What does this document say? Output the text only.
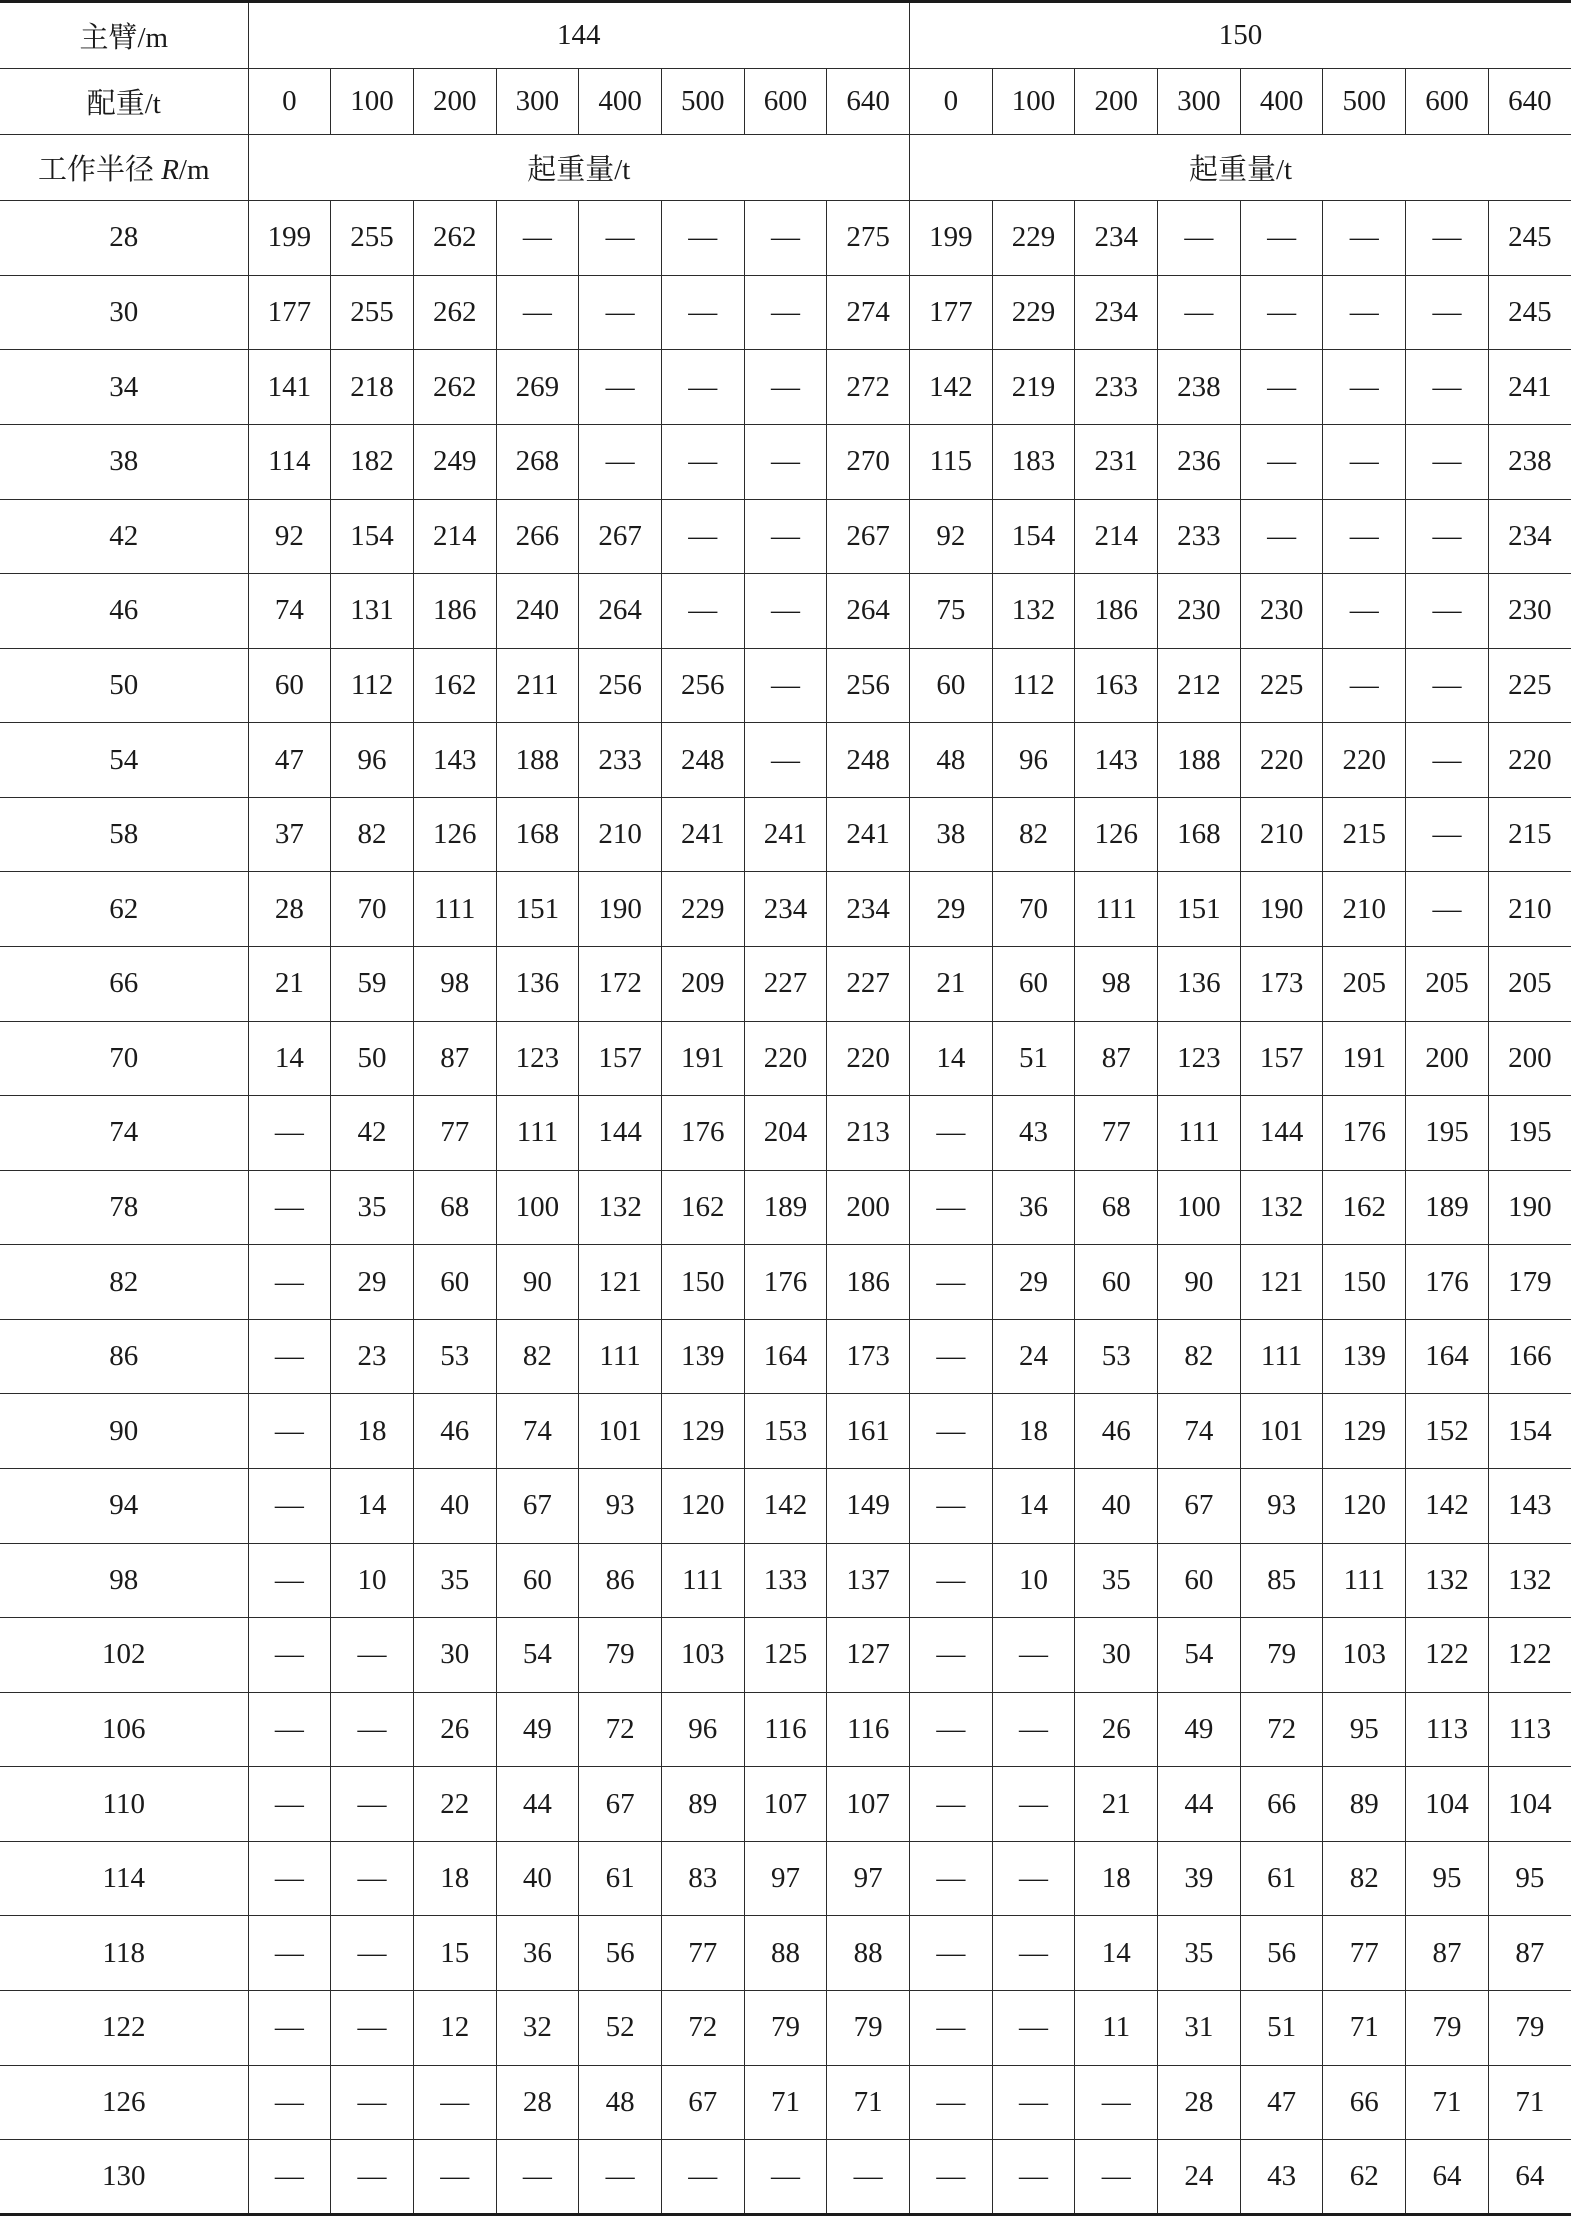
主臂/m	144								150							
配重/t	0	100	200	300	400	500	600	640	0	100	200	300	400	500	600	640
工作半径 R/m	起重量/t								起重量/t							
28	199	255	262	—	—	—	—	275	199	229	234	—	—	—	—	245
30	177	255	262	—	—	—	—	274	177	229	234	—	—	—	—	245
34	141	218	262	269	—	—	—	272	142	219	233	238	—	—	—	241
38	114	182	249	268	—	—	—	270	115	183	231	236	—	—	—	238
42	92	154	214	266	267	—	—	267	92	154	214	233	—	—	—	234
46	74	131	186	240	264	—	—	264	75	132	186	230	230	—	—	230
50	60	112	162	211	256	256	—	256	60	112	163	212	225	—	—	225
54	47	96	143	188	233	248	—	248	48	96	143	188	220	220	—	220
58	37	82	126	168	210	241	241	241	38	82	126	168	210	215	—	215
62	28	70	111	151	190	229	234	234	29	70	111	151	190	210	—	210
66	21	59	98	136	172	209	227	227	21	60	98	136	173	205	205	205
70	14	50	87	123	157	191	220	220	14	51	87	123	157	191	200	200
74	—	42	77	111	144	176	204	213	—	43	77	111	144	176	195	195
78	—	35	68	100	132	162	189	200	—	36	68	100	132	162	189	190
82	—	29	60	90	121	150	176	186	—	29	60	90	121	150	176	179
86	—	23	53	82	111	139	164	173	—	24	53	82	111	139	164	166
90	—	18	46	74	101	129	153	161	—	18	46	74	101	129	152	154
94	—	14	40	67	93	120	142	149	—	14	40	67	93	120	142	143
98	—	10	35	60	86	111	133	137	—	10	35	60	85	111	132	132
102	—	—	30	54	79	103	125	127	—	—	30	54	79	103	122	122
106	—	—	26	49	72	96	116	116	—	—	26	49	72	95	113	113
110	—	—	22	44	67	89	107	107	—	—	21	44	66	89	104	104
114	—	—	18	40	61	83	97	97	—	—	18	39	61	82	95	95
118	—	—	15	36	56	77	88	88	—	—	14	35	56	77	87	87
122	—	—	12	32	52	72	79	79	—	—	11	31	51	71	79	79
126	—	—	—	28	48	67	71	71	—	—	—	28	47	66	71	71
130	—	—	—	—	—	—	—	—	—	—	—	24	43	62	64	64
